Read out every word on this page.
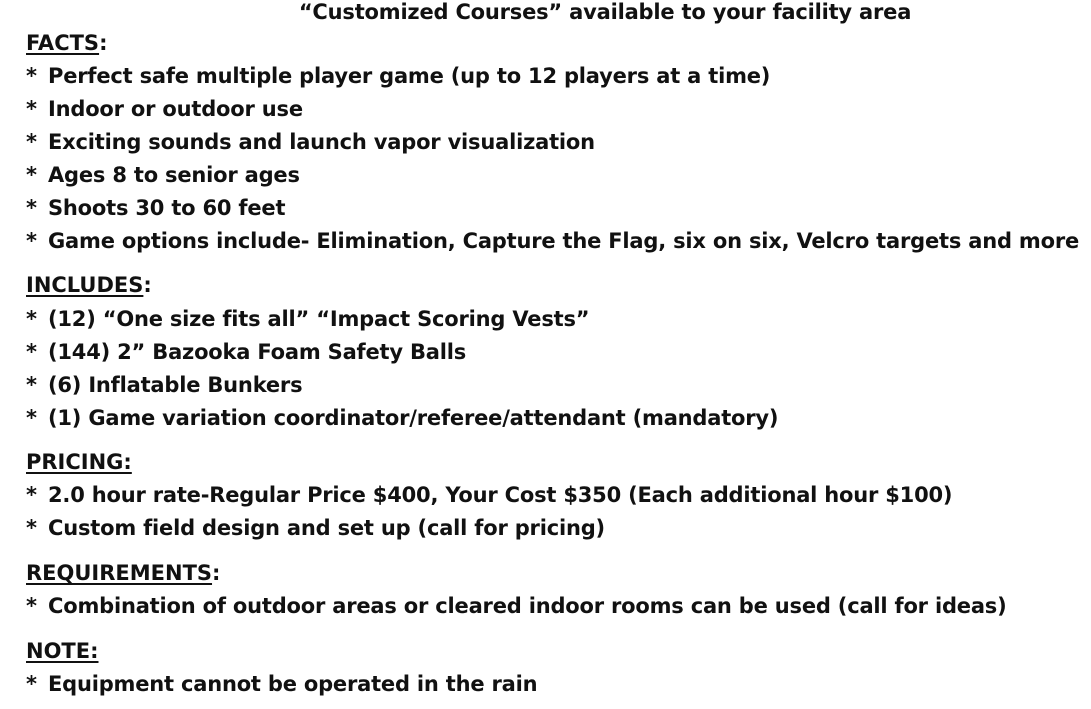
“Customized Courses” available to your facility area
FACTS:
* Perfect safe multiple player game (up to 12 players at a time)
* Indoor or outdoor use
* Exciting sounds and launch vapor visualization
* Ages 8 to senior ages
* Shoots 30 to 60 feet
* Game options include- Elimination, Capture the Flag, six on six, Velcro targets and more
INCLUDES:
* (12) “One size fits all” “Impact Scoring Vests”
* (144) 2” Bazooka Foam Safety Balls
* (6) Inflatable Bunkers
* (1) Game variation coordinator/referee/attendant (mandatory)
PRICING:
* 2.0 hour rate-Regular Price $400, Your Cost $350 (Each additional hour $100)
* Custom field design and set up (call for pricing)
REQUIREMENTS:
* Combination of outdoor areas or cleared indoor rooms can be used (call for ideas)
NOTE:
* Equipment cannot be operated in the rain
